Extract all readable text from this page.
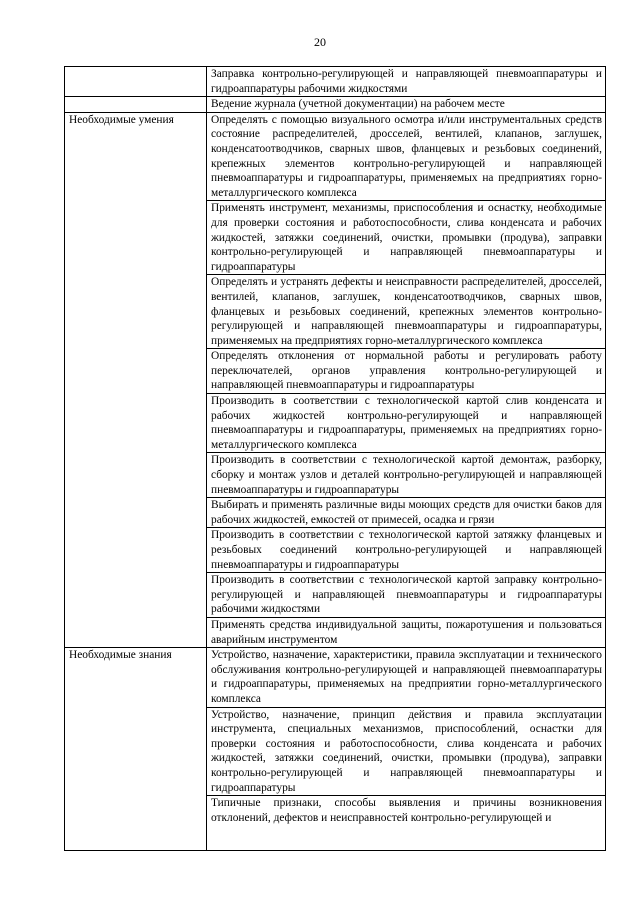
20
	Заправка контрольно-регулирующей и направляющей пневмоаппаратуры и гидроаппаратуры рабочими жидкостями
	Ведение журнала (учетной документации) на рабочем месте
Необходимые умения	Определять с помощью визуального осмотра и/или инструментальных средств состояние распределителей, дросселей, вентилей, клапанов, заглушек, конденсатоотводчиков, сварных швов, фланцевых и резьбовых соединений, крепежных элементов контрольно-регулирующей и направляющей пневмоаппаратуры и гидроаппаратуры, применяемых на предприятиях горно-металлургического комплекса
	Применять инструмент, механизмы, приспособления и оснастку, необходимые для проверки состояния и работоспособности, слива конденсата и рабочих жидкостей, затяжки соединений, очистки, промывки (продува), заправки контрольно-регулирующей и направляющей пневмоаппаратуры и гидроаппаратуры
	Определять и устранять дефекты и неисправности распределителей, дросселей, вентилей, клапанов, заглушек, конденсатоотводчиков, сварных швов, фланцевых и резьбовых соединений, крепежных элементов контрольно-регулирующей и направляющей пневмоаппаратуры и гидроаппаратуры, применяемых на предприятиях горно-металлургического комплекса
	Определять отклонения от нормальной работы и регулировать работу переключателей, органов управления контрольно-регулирующей и направляющей пневмоаппаратуры и гидроаппаратуры
	Производить в соответствии с технологической картой слив конденсата и рабочих жидкостей контрольно-регулирующей и направляющей пневмоаппаратуры и гидроаппаратуры, применяемых на предприятиях горно-металлургического комплекса
	Производить в соответствии с технологической картой демонтаж, разборку, сборку и монтаж узлов и деталей контрольно-регулирующей и направляющей пневмоаппаратуры и гидроаппаратуры
	Выбирать и применять различные виды моющих средств для очистки баков для рабочих жидкостей, емкостей от примесей, осадка и грязи
	Производить в соответствии с технологической картой затяжку фланцевых и резьбовых соединений контрольно-регулирующей и направляющей пневмоаппаратуры и гидроаппаратуры
	Производить в соответствии с технологической картой заправку контрольно-регулирующей и направляющей пневмоаппаратуры и гидроаппаратуры рабочими жидкостями
	Применять средства индивидуальной защиты, пожаротушения и пользоваться аварийным инструментом
Необходимые знания	Устройство, назначение, характеристики, правила эксплуатации и технического обслуживания контрольно-регулирующей и направляющей пневмоаппаратуры и гидроаппаратуры, применяемых на предприятии горно-металлургического комплекса
	Устройство, назначение, принцип действия и правила эксплуатации инструмента, специальных механизмов, приспособлений, оснастки для проверки состояния и работоспособности, слива конденсата и рабочих жидкостей, затяжки соединений, очистки, промывки (продува), заправки контрольно-регулирующей и направляющей пневмоаппаратуры и гидроаппаратуры

	Типичные признаки, способы выявления и причины возникновения отклонений, дефектов и неисправностей контрольно-регулирующей и
